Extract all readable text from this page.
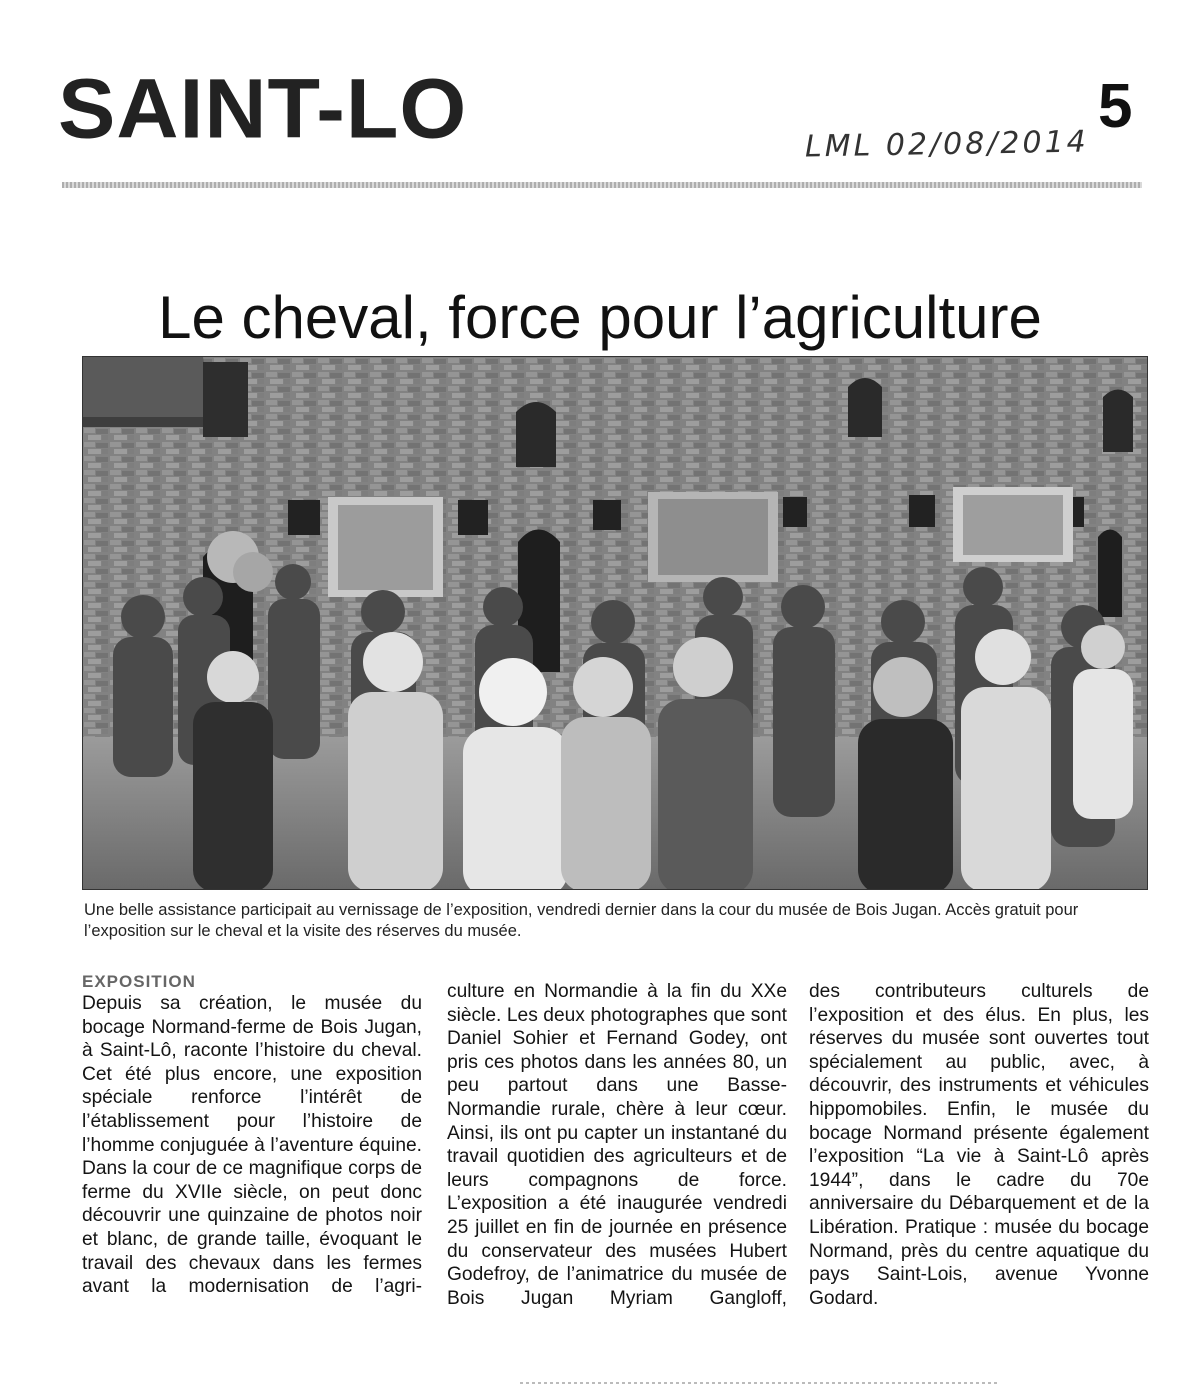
SAINT-LO	LML 02/08/2014
5
Le cheval, force pour l’agriculture
Une belle assistance participait au vernissage de l’exposition, vendredi dernier dans la cour du musée de Bois Jugan. Accès gratuit pour l’exposition sur le cheval et la visite des réserves du musée.
EXPOSITION

Depuis sa création, le musée du bocage Normand-ferme de Bois Jugan, à Saint-Lô, raconte l’histoire du cheval. Cet été plus encore, une exposition spéciale renforce l’intérêt de l’établissement pour l’histoire de l’homme conjuguée à l’aventure équine. Dans la cour de ce magnifique corps de ferme du XVIIe siècle, on peut donc découvrir une quinzaine de photos noir et blanc, de grande taille, évoquant le travail des chevaux dans les fermes avant la modernisation de l’agri-

culture en Normandie à la fin du XXe siècle. Les deux photographes que sont Daniel Sohier et Fernand Godey, ont pris ces photos dans les années 80, un peu partout dans une Basse-Normandie rurale, chère à leur cœur. Ainsi, ils ont pu capter un instantané du travail quotidien des agriculteurs et de leurs compagnons de force. L’exposition a été inaugurée vendredi 25 juillet en fin de journée en présence du conservateur des musées Hubert Godefroy, de l’animatrice du musée de Bois Jugan Myriam Gangloff,

des contributeurs culturels de l’exposition et des élus. En plus, les réserves du musée sont ouvertes tout spécialement au public, avec, à découvrir, des instruments et véhicules hippomobiles. Enfin, le musée du bocage Normand présente également l’exposition “La vie à Saint-Lô après 1944”, dans le cadre du 70e anniversaire du Débarquement et de la Libération. Pratique : musée du bocage Normand, près du centre aquatique du pays Saint-Lois, avenue Yvonne Godard.
